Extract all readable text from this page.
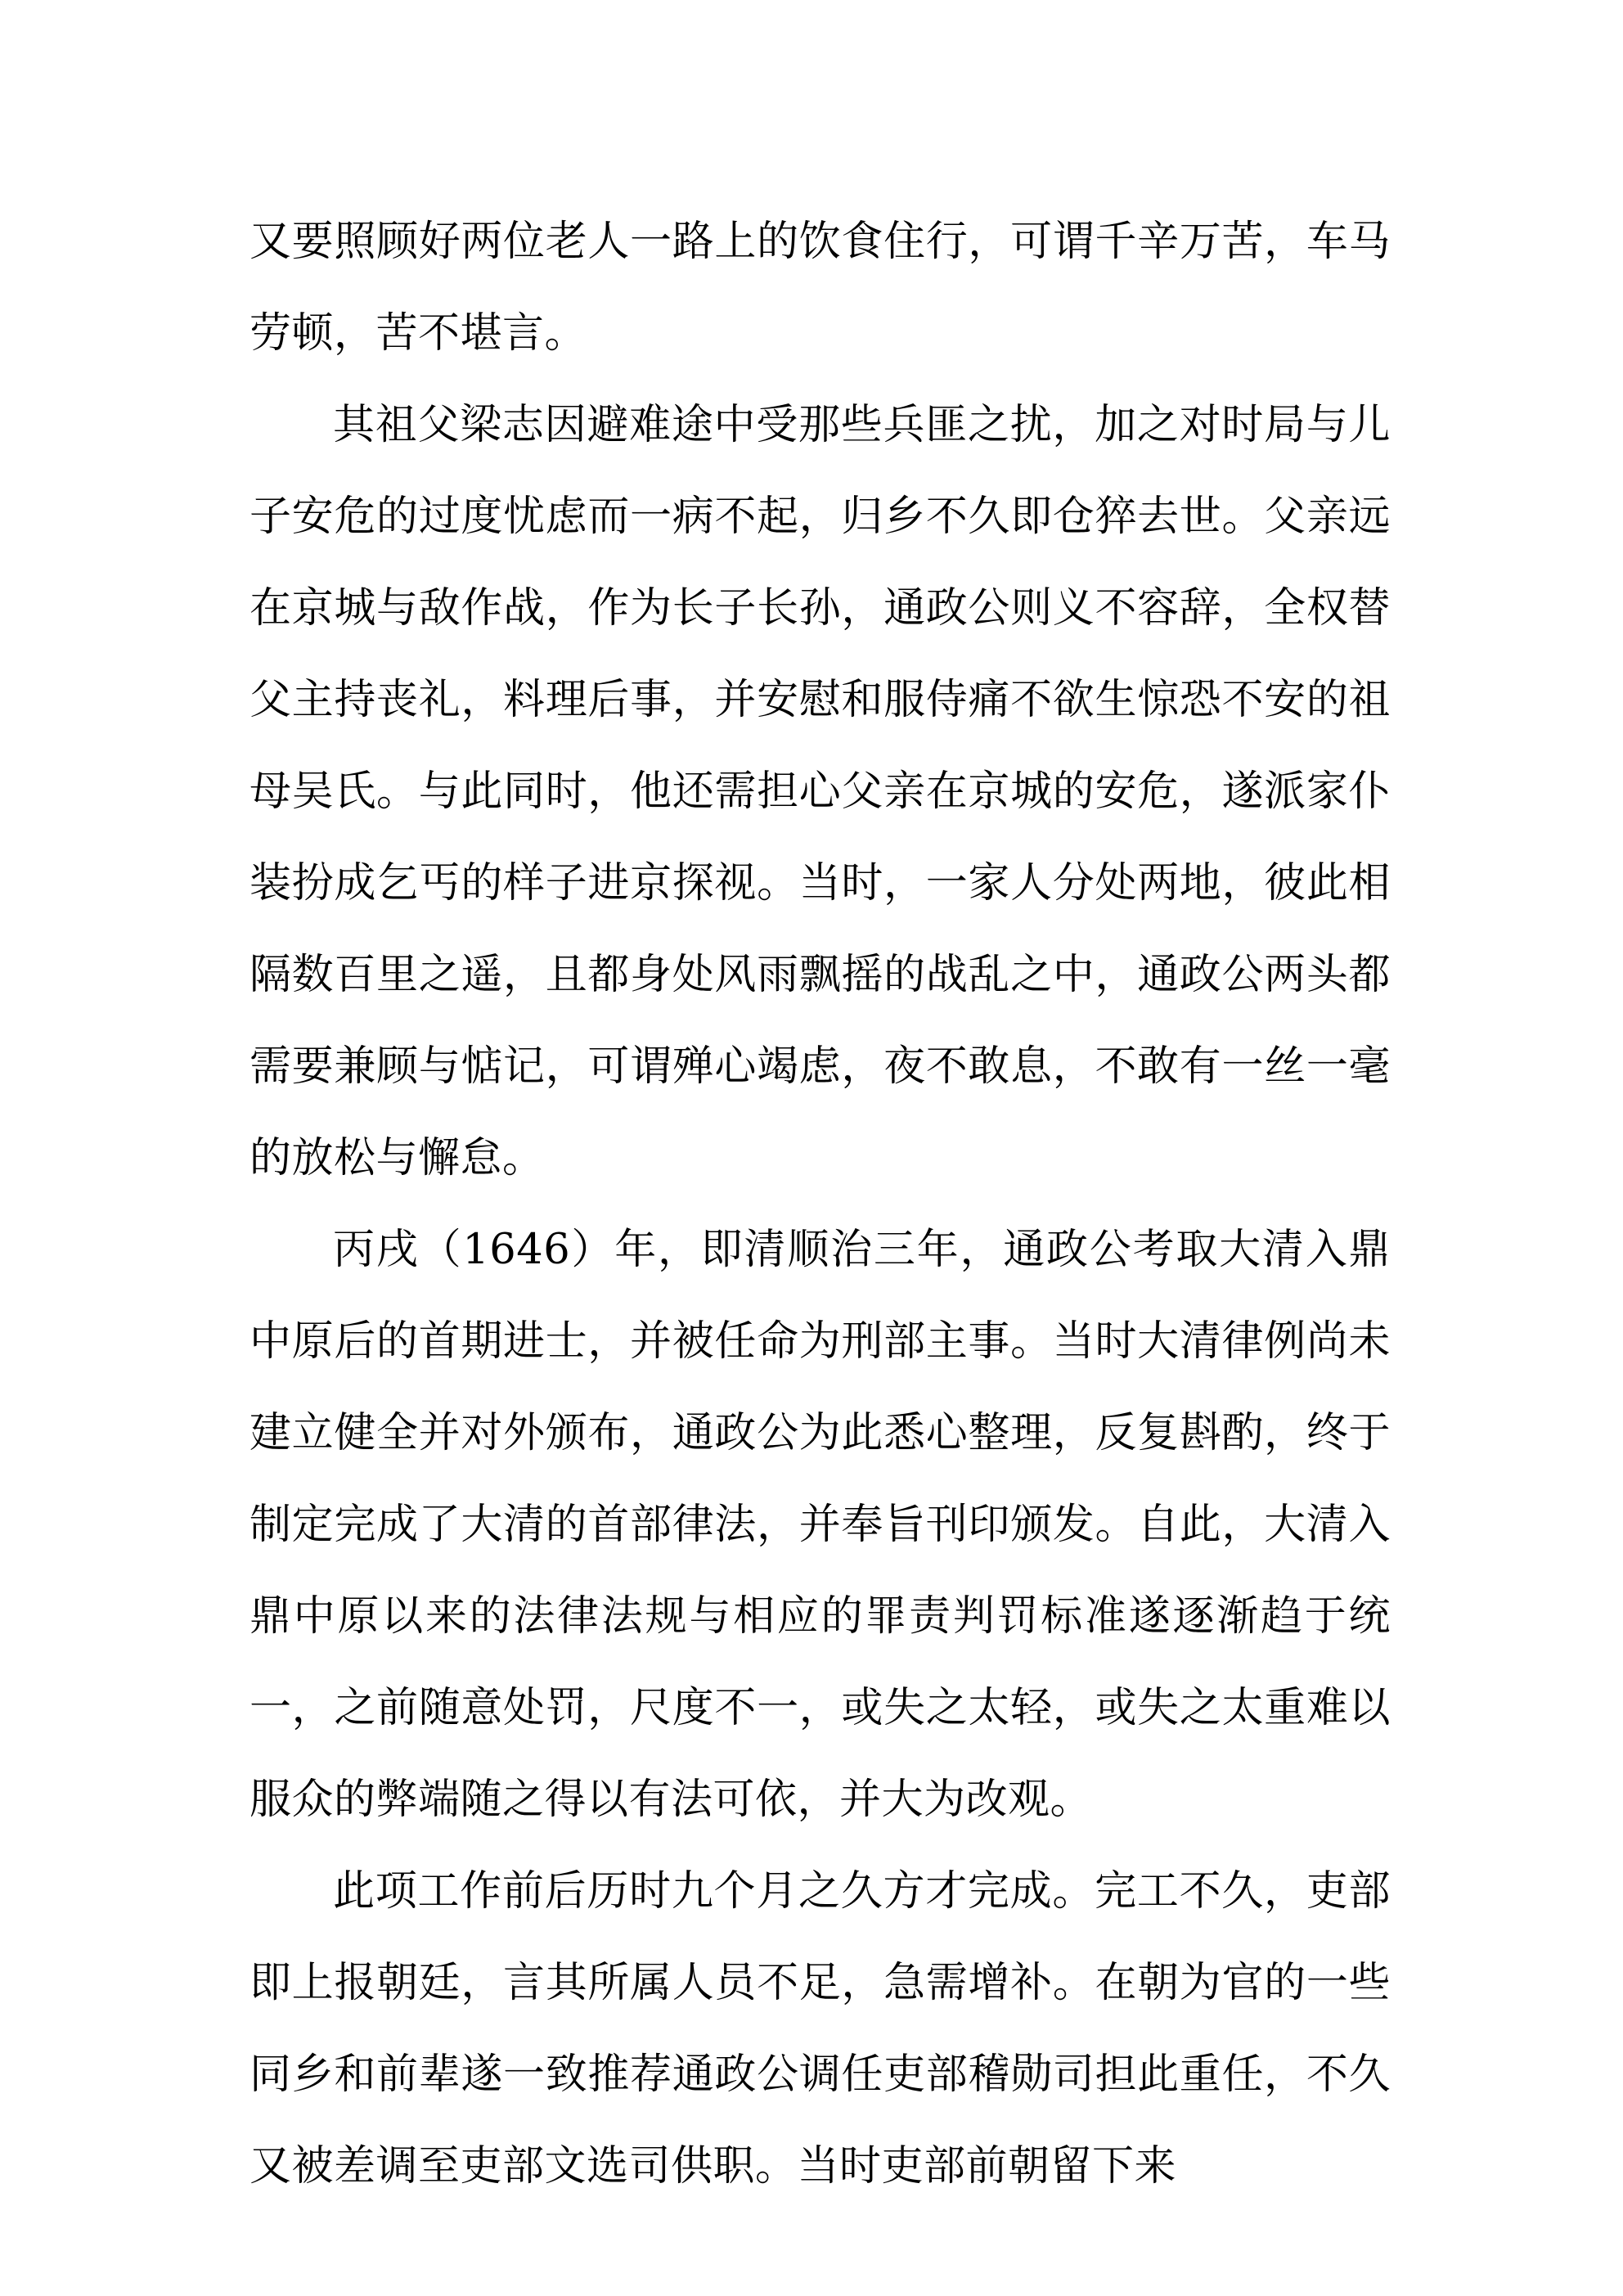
又要照顾好两位老人一路上的饮食住行，可谓千辛万苦，车马劳顿，苦不堪言。

其祖父梁志因避难途中受那些兵匪之扰，加之对时局与儿子安危的过度忧虑而一病不起，归乡不久即仓猝去世。父亲远在京城与敌作战，作为长子长孙，通政公则义不容辞，全权替父主持丧礼，料理后事，并安慰和服侍痛不欲生惊恐不安的祖母吴氏。与此同时，他还需担心父亲在京城的安危，遂派家仆装扮成乞丐的样子进京探视。当时，一家人分处两地，彼此相隔数百里之遥，且都身处风雨飘摇的战乱之中，通政公两头都需要兼顾与惦记，可谓殚心竭虑，夜不敢息，不敢有一丝一毫的放松与懈怠。

丙戌（1646）年，即清顺治三年，通政公考取大清入鼎中原后的首期进士，并被任命为刑部主事。当时大清律例尚未建立健全并对外颁布，通政公为此悉心整理，反复斟酌，终于制定完成了大清的首部律法，并奉旨刊印颁发。自此，大清入鼎中原以来的法律法规与相应的罪责判罚标准遂逐渐趋于统一，之前随意处罚，尺度不一，或失之太轻，或失之太重难以服众的弊端随之得以有法可依，并大为改观。

此项工作前后历时九个月之久方才完成。完工不久，吏部即上报朝廷，言其所属人员不足，急需增补。在朝为官的一些同乡和前辈遂一致推荐通政公调任吏部稽勋司担此重任，不久又被差调至吏部文选司供职。当时吏部前朝留下来
